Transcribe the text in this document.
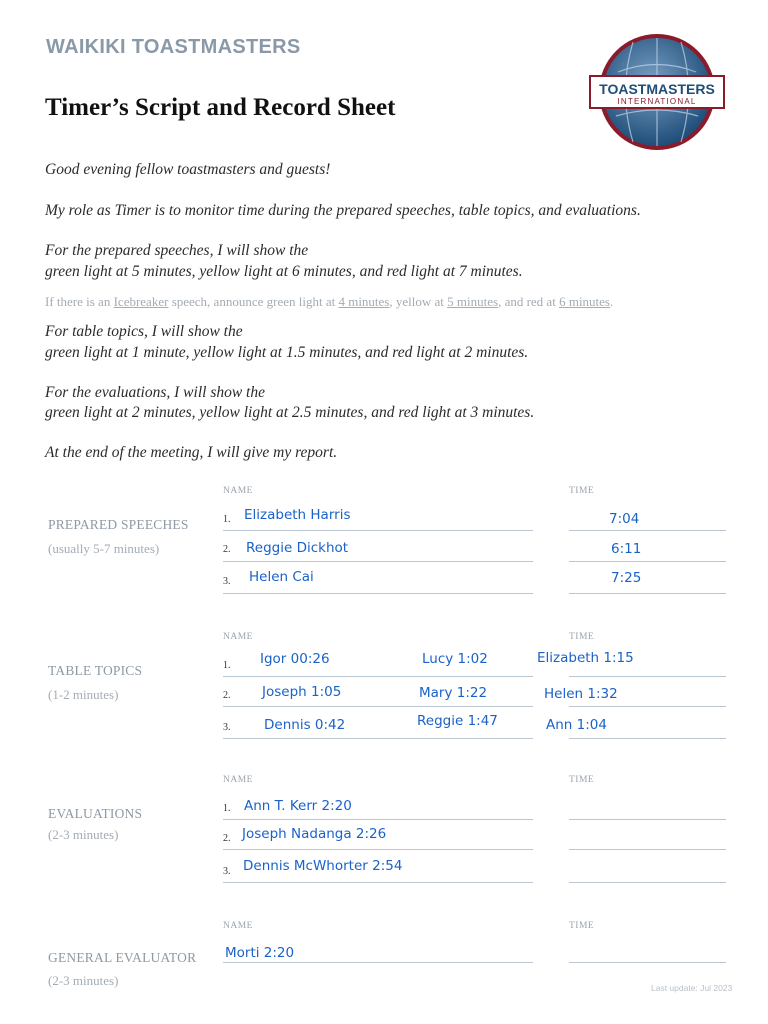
WAIKIKI TOASTMASTERS
Timer’s Script and Record Sheet
TOASTMASTERS
INTERNATIONAL
Good evening fellow toastmasters and guests!
My role as Timer is to monitor time during the prepared speeches, table topics, and evaluations.
For the prepared speeches, I will show the
green light at 5 minutes, yellow light at 6 minutes, and red light at 7 minutes.
If there is an Icebreaker speech, announce green light at 4 minutes, yellow at 5 minutes, and red at 6 minutes.
For table topics, I will show the
green light at 1 minute, yellow light at 1.5 minutes, and red light at 2 minutes.
For the evaluations, I will show the
green light at 2 minutes, yellow light at 2.5 minutes, and red light at 3 minutes.
At the end of the meeting, I will give my report.
NAME	TIME
PREPARED SPEECHES
(usually 5-7 minutes)
1. Elizabeth Harris	7:04
2. Reggie Dickhot	6:11
3. Helen Cai	7:25
NAME	TIME
TABLE TOPICS
(1-2 minutes)
1. Igor 00:26	Lucy 1:02	Elizabeth 1:15
2. Joseph 1:05	Mary 1:22	Helen 1:32
3. Dennis 0:42	Reggie 1:47	Ann 1:04
NAME	TIME
EVALUATIONS
(2-3 minutes)
1. Ann T. Kerr 2:20
2. Joseph Nadanga 2:26
3. Dennis McWhorter 2:54
NAME	TIME
GENERAL EVALUATOR
(2-3 minutes)
Morti 2:20
Last update: Jul 2023
